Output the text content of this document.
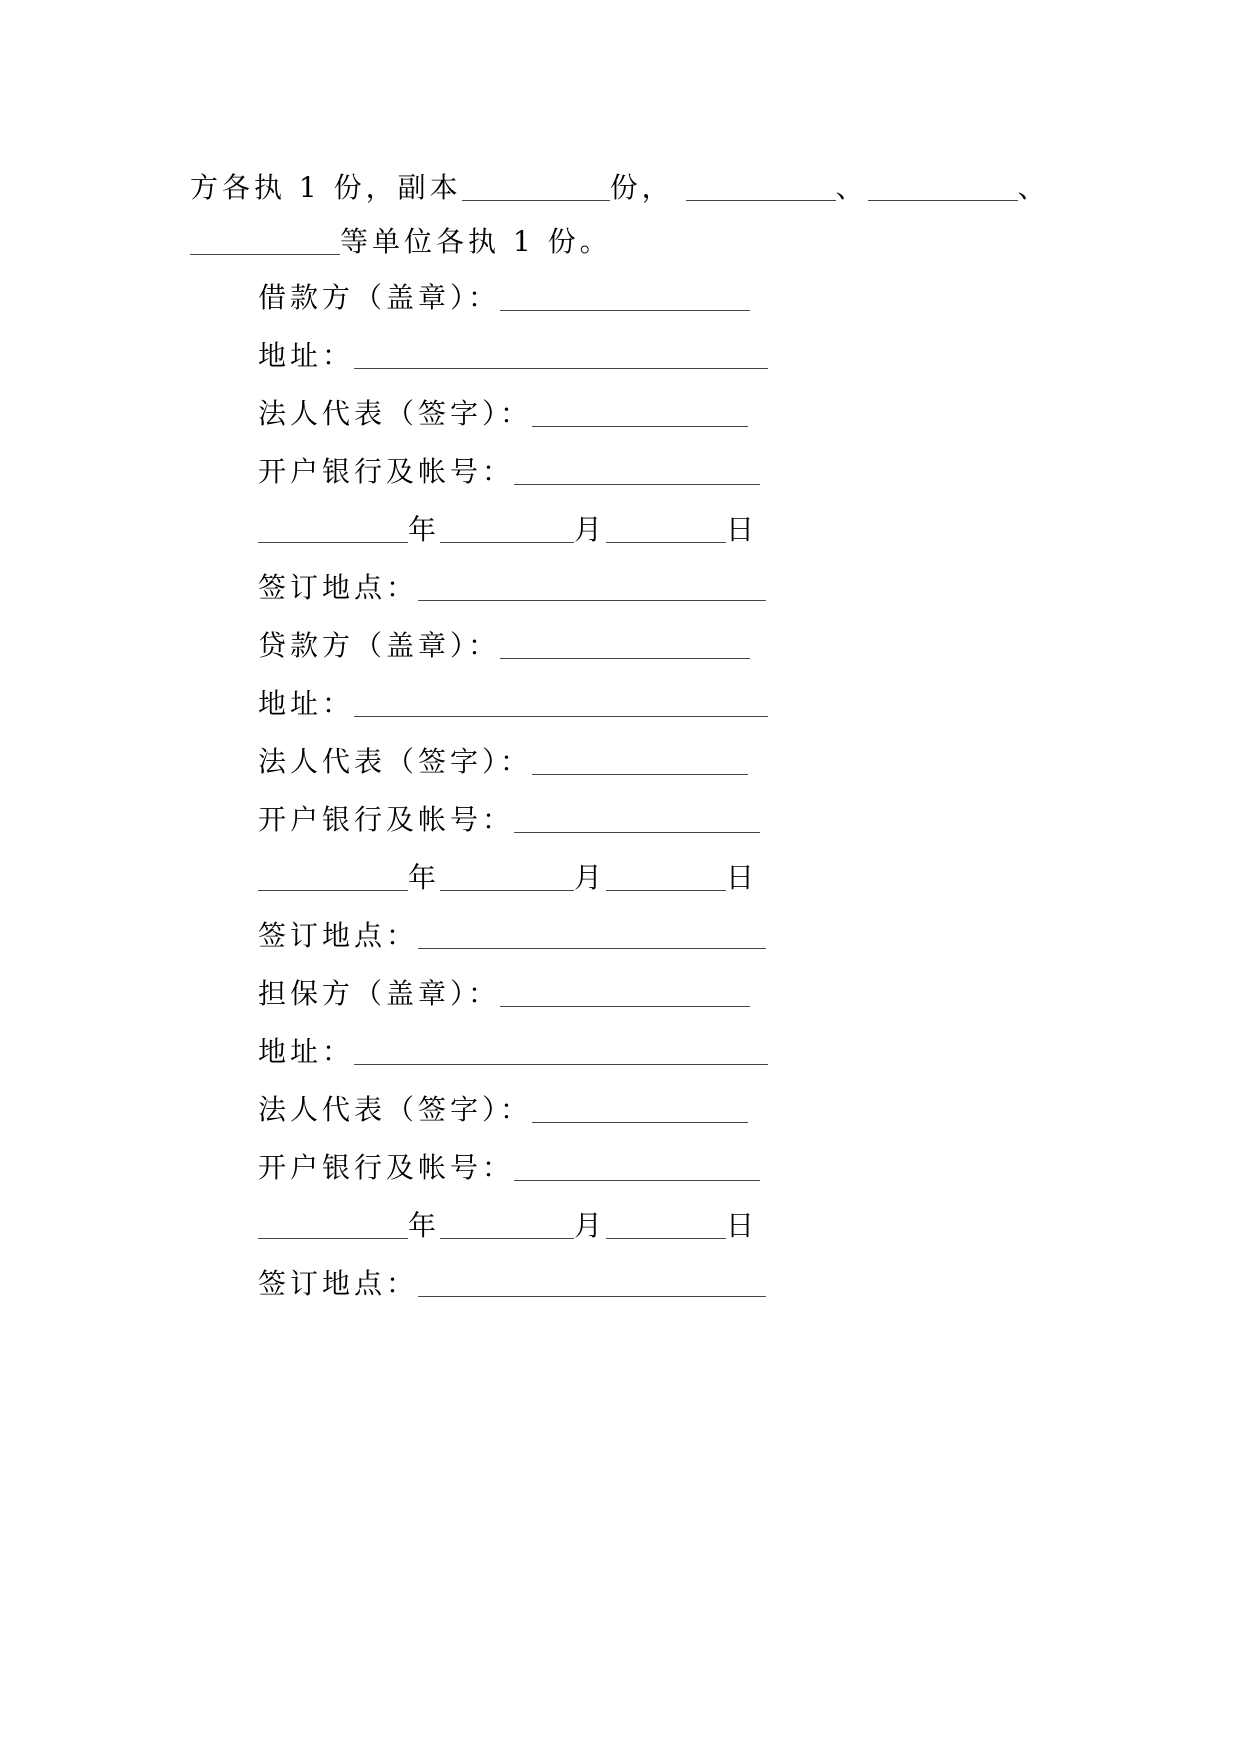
方各执 1 份，副本	份，	、	、
等单位各执 1 份。
借款方（盖章）：
地址：
法人代表（签字）：
开户银行及帐号：
年	月	日
签订地点：
贷款方（盖章）：
地址：
法人代表（签字）：
开户银行及帐号：
年	月	日
签订地点：
担保方（盖章）：
地址：
法人代表（签字）：
开户银行及帐号：
年	月	日
签订地点：
